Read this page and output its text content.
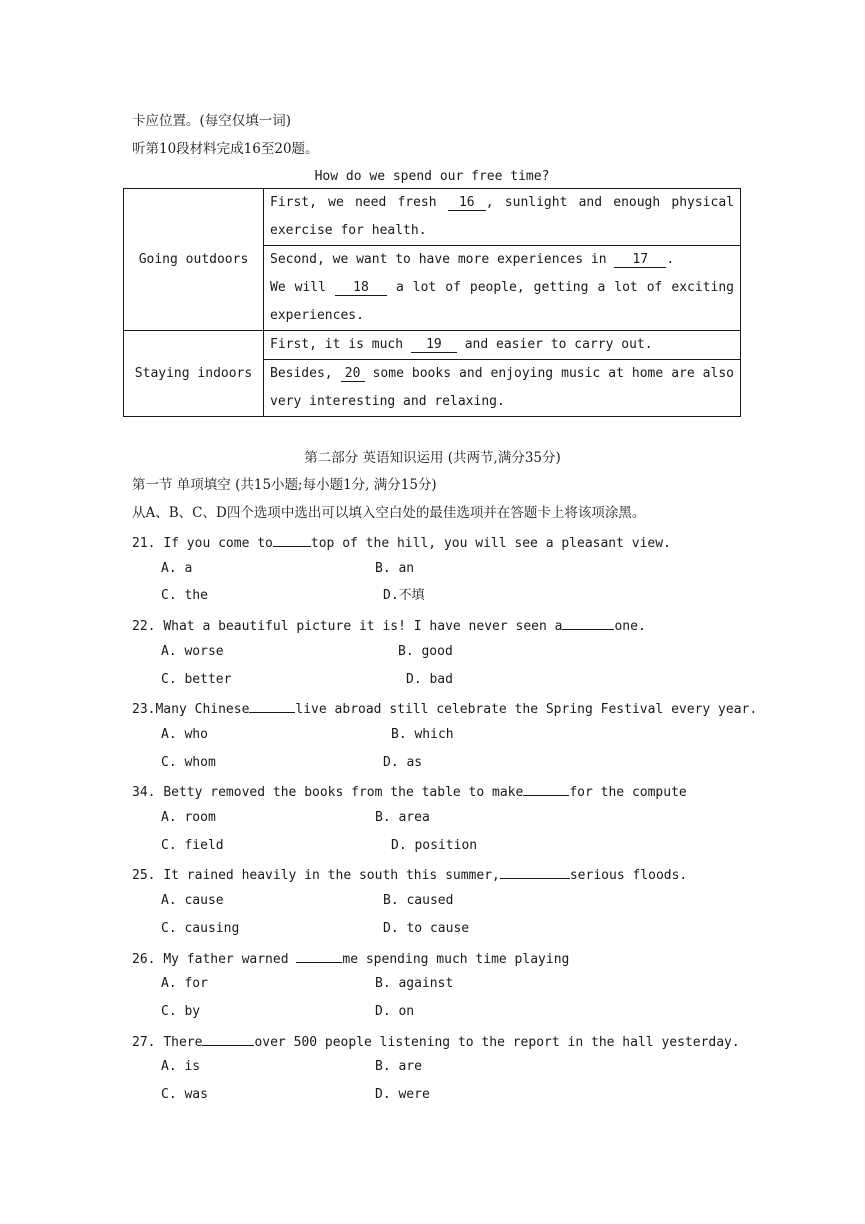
卡应位置。(每空仅填一词)
听第10段材料完成16至20题。
How do we spend our free time?
Going outdoors	First, we need fresh 16 , sunlight and enough physical exercise for health.
	Second, we want to have more experiences in 17 .
We will 18 a lot of people, getting a lot of exciting experiences.
Staying indoors	First, it is much 19 and easier to carry out.
	Besides, 20 some books and enjoying music at home are also very interesting and relaxing.
第二部分 英语知识运用 (共两节,满分35分)
第一节 单项填空 (共15小题;每小题1分, 满分15分)
从A、B、C、D四个选项中选出可以填入空白处的最佳选项并在答题卡上将该项涂黑。
21. If you come to	top of the hill, you will see a pleasant view.
A. a	B. an
C. the	D.不填
22. What a beautiful picture it is! I have never seen a	one.
A. worse	B. good
C. better	D. bad
23.Many Chinese	live abroad still celebrate the Spring Festival every year.
A. who	B. which
C. whom	D. as
34. Betty removed the books from the table to make	for the compute
A. room	B. area
C. field	D. position
25. It rained heavily in the south this summer,	serious floods.
A. cause	B. caused
C. causing	D. to cause
26. My father warned	me spending much time playing
A. for	B. against
C. by	D. on
27. There	over 500 people listening to the report in the hall yesterday.
A. is	B. are
C. was	D. were
